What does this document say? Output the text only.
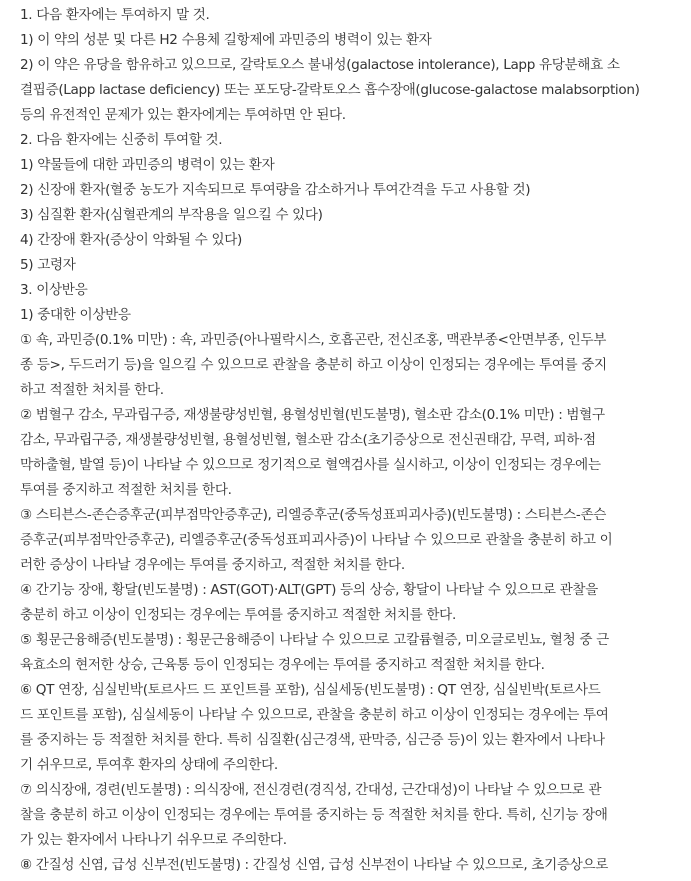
1. 다음 환자에는 투여하지 말 것.
1) 이 약의 성분 및 다른 H2 수용체 길항제에 과민증의 병력이 있는 환자
2) 이 약은 유당을 함유하고 있으므로, 갈락토오스 불내성(galactose intolerance), Lapp 유당분해효 소
결핍증(Lapp lactase deficiency) 또는 포도당-갈락토오스 흡수장애(glucose-galactose malabsorption)
등의 유전적인 문제가 있는 환자에게는 투여하면 안 된다.
2. 다음 환자에는 신중히 투여할 것.
1) 약물들에 대한 과민증의 병력이 있는 환자
2) 신장애 환자(혈중 농도가 지속되므로 투여량을 감소하거나 투여간격을 두고 사용할 것)
3) 심질환 환자(심혈관계의 부작용을 일으킬 수 있다)
4) 간장애 환자(증상이 악화될 수 있다)
5) 고령자
3. 이상반응
1) 중대한 이상반응
① 쇽, 과민증(0.1% 미만) : 쇽, 과민증(아나필락시스, 호흡곤란, 전신조홍, 맥관부종<안면부종, 인두부
종 등>, 두드러기 등)을 일으킬 수 있으므로 관찰을 충분히 하고 이상이 인정되는 경우에는 투여를 중지
하고 적절한 처치를 한다.
② 범혈구 감소, 무과립구증, 재생불량성빈혈, 용혈성빈혈(빈도불명), 혈소판 감소(0.1% 미만) : 범혈구
감소, 무과립구증, 재생불량성빈혈, 용혈성빈혈, 혈소판 감소(초기증상으로 전신권태감, 무력, 피하·점
막하출혈, 발열 등)이 나타날 수 있으므로 정기적으로 혈액검사를 실시하고, 이상이 인정되는 경우에는
투여를 중지하고 적절한 처치를 한다.
③ 스티븐스-존슨증후군(피부점막안증후군), 리엘증후군(중독성표피괴사증)(빈도불명) : 스티븐스-존슨
증후군(피부점막안증후군), 리엘증후군(중독성표피괴사증)이 나타날 수 있으므로 관찰을 충분히 하고 이
러한 증상이 나타날 경우에는 투여를 중지하고, 적절한 처치를 한다.
④ 간기능 장애, 황달(빈도불명) : AST(GOT)·ALT(GPT) 등의 상승, 황달이 나타날 수 있으므로 관찰을
충분히 하고 이상이 인정되는 경우에는 투여를 중지하고 적절한 처치를 한다.
⑤ 횡문근융해증(빈도불명) : 횡문근융해증이 나타날 수 있으므로 고칼륨혈증, 미오글로빈뇨, 혈청 중 근
육효소의 현저한 상승, 근육통 등이 인정되는 경우에는 투여를 중지하고 적절한 처치를 한다.
⑥ QT 연장, 심실빈박(토르사드 드 포인트를 포함), 심실세동(빈도불명) : QT 연장, 심실빈박(토르사드
드 포인트를 포함), 심실세동이 나타날 수 있으므로, 관찰을 충분히 하고 이상이 인정되는 경우에는 투여
를 중지하는 등 적절한 처치를 한다. 특히 심질환(심근경색, 판막증, 심근증 등)이 있는 환자에서 나타나
기 쉬우므로, 투여후 환자의 상태에 주의한다.
⑦ 의식장애, 경련(빈도불명) : 의식장애, 전신경련(경직성, 간대성, 근간대성)이 나타날 수 있으므로 관
찰을 충분히 하고 이상이 인정되는 경우에는 투여를 중지하는 등 적절한 처치를 한다. 특히, 신기능 장애
가 있는 환자에서 나타나기 쉬우므로 주의한다.
⑧ 간질성 신염, 급성 신부전(빈도불명) : 간질성 신염, 급성 신부전이 나타날 수 있으므로, 초기증상으로
